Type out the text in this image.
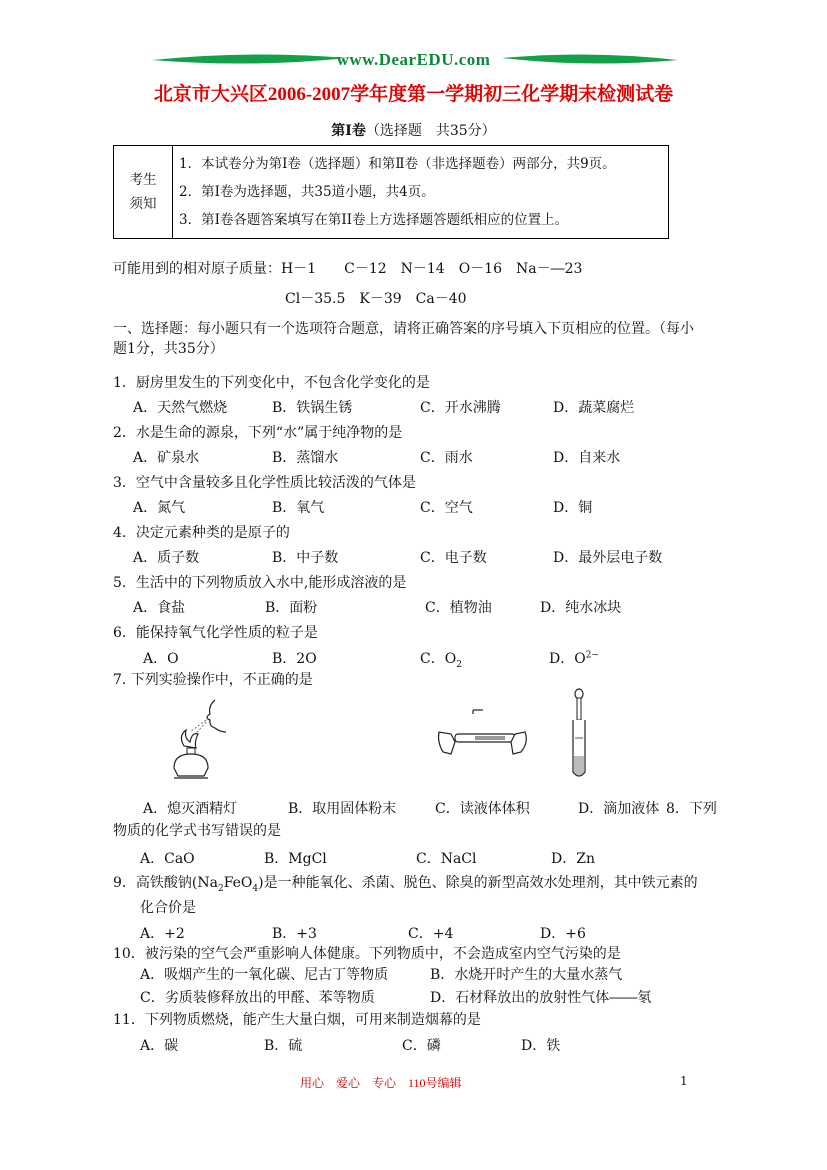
www.DearEDU.com
北京市大兴区2006-2007学年度第一学期初三化学期末检测试卷
第I卷（选择题　共35分）
考生
须知

1．本试卷分为第I卷（选择题）和第Ⅱ卷（非选择题卷）两部分，共9页。
2．第I卷为选择题，共35道小题，共4页。
3．第I卷各题答案填写在第II卷上方选择题答题纸相应的位置上。
可能用到的相对原子质量：H－1　　C－12　N－14　O－16　Na－―23
Cl－35.5　K－39　Ca－40
一、选择题：每小题只有一个选项符合题意，请将正确答案的序号填入下页相应的位置。（每小
题1分，共35分）
1．厨房里发生的下列变化中，不包含化学变化的是
A．天然气燃烧	B．铁锅生锈	C．开水沸腾	D．蔬菜腐烂
2．水是生命的源泉，下列“水”属于纯净物的是
A．矿泉水	B．蒸馏水	C．雨水	D．自来水
3．空气中含量较多且化学性质比较活泼的气体是
A．氮气	B．氧气	C．空气	D．铜
4．决定元素种类的是原子的
A．质子数	B．中子数	C．电子数	D．最外层电子数
5．生活中的下列物质放入水中,能形成溶液的是
A．食盐	B．面粉	C．植物油	D．纯水冰块
6．能保持氧气化学性质的粒子是
A．O	B．2O	C．$O_2$	D．$O^{2-}$
7. 下列实验操作中，不正确的是
A．熄灭酒精灯	B．取用固体粉末	C．读液体体积	D．滴加液体 8．下列
物质的化学式书写错误的是
A．CaO	B．MgCl	C．NaCl	D．Zn
9．高铁酸钠$(Na_2FeO_4)$是一种能氧化、杀菌、脱色、除臭的新型高效水处理剂，其中铁元素的
化合价是
A．+2	B．+3	C．+4	D．+6
10．被污染的空气会严重影响人体健康。下列物质中，不会造成室内空气污染的是
A．吸烟产生的一氧化碳、尼古丁等物质	B．水烧开时产生的大量水蒸气
C．劣质装修释放出的甲醛、苯等物质	D．石材释放出的放射性气体――氡
11．下列物质燃烧，能产生大量白烟，可用来制造烟幕的是
A．碳	B．硫	C．磷	D．铁
用心　爱心　专心　110号编辑	1
